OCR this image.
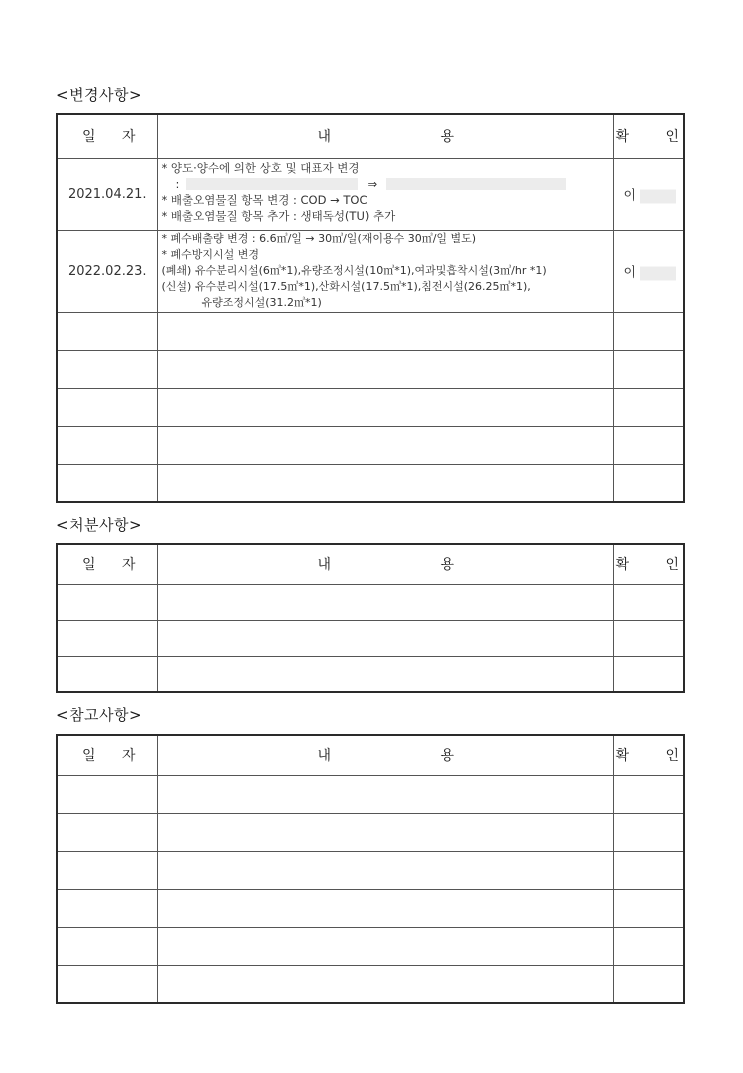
<변경사항>
일 자	내 용	확 인

2021.04.21.	* 양도·양수에 의한 상호 및 대표자 변경
: ⇒
* 배출오염물질 항목 변경 : COD → TOC
* 배출오염물질 항목 추가 : 생태독성(TU) 추가	이

2022.02.23.	* 폐수배출량 변경 : 6.6㎥/일 → 30㎥/일(재이용수 30㎥/일 별도)
* 폐수방지시설 변경
(폐쇄) 유수분리시설(6㎥*1),유량조정시설(10㎥*1),여과및흡착시설(3㎥/hr *1)
(신설) 유수분리시설(17.5㎥*1),산화시설(17.5㎥*1),침전시설(26.25㎥*1),
유량조정시설(31.2㎥*1)	이

<처분사항>
일 자	내 용	확 인

<참고사항>
일 자	내 용	확 인
